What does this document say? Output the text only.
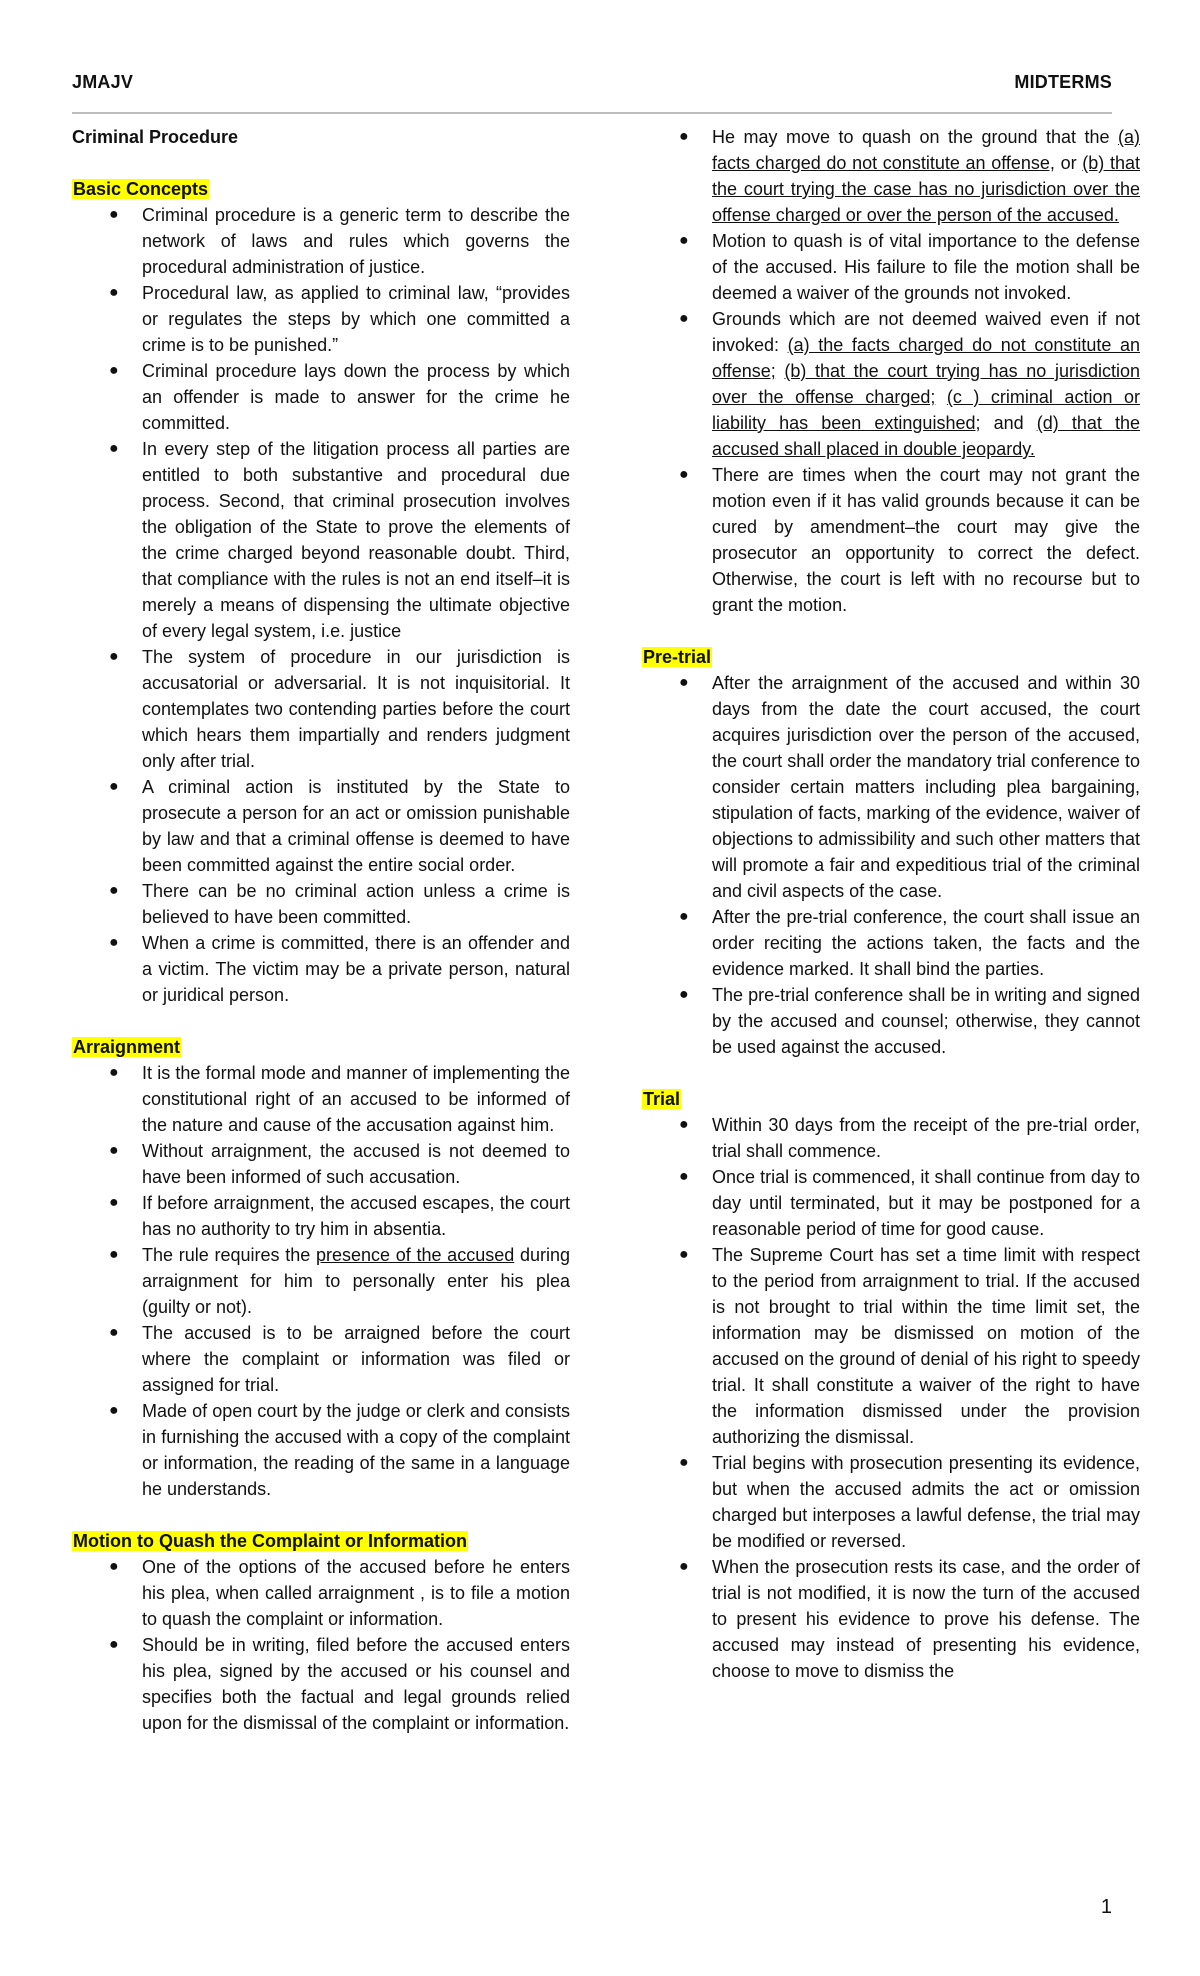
JMAJV	MIDTERMS

Criminal Procedure

Basic Concepts

● Criminal procedure is a generic term to describe the network of laws and rules which governs the procedural administration of justice.
● Procedural law, as applied to criminal law, “provides or regulates the steps by which one committed a crime is to be punished.”
● Criminal procedure lays down the process by which an offender is made to answer for the crime he committed.
● In every step of the litigation process all parties are entitled to both substantive and procedural due process. Second, that criminal prosecution involves the obligation of the State to prove the elements of the crime charged beyond reasonable doubt. Third, that compliance with the rules is not an end itself–it is merely a means of dispensing the ultimate objective of every legal system, i.e. justice
● The system of procedure in our jurisdiction is accusatorial or adversarial. It is not inquisitorial. It contemplates two contending parties before the court which hears them impartially and renders judgment only after trial.
● A criminal action is instituted by the State to prosecute a person for an act or omission punishable by law and that a criminal offense is deemed to have been committed against the entire social order.
● There can be no criminal action unless a crime is believed to have been committed.
● When a crime is committed, there is an offender and a victim. The victim may be a private person, natural or juridical person.

Arraignment

● It is the formal mode and manner of implementing the constitutional right of an accused to be informed of the nature and cause of the accusation against him.
● Without arraignment, the accused is not deemed to have been informed of such accusation.
● If before arraignment, the accused escapes, the court has no authority to try him in absentia.
● The rule requires the presence of the accused during arraignment for him to personally enter his plea (guilty or not).
● The accused is to be arraigned before the court where the complaint or information was filed or assigned for trial.
● Made of open court by the judge or clerk and consists in furnishing the accused with a copy of the complaint or information, the reading of the same in a language he understands.

Motion to Quash the Complaint or Information

● One of the options of the accused before he enters his plea, when called arraignment , is to file a motion to quash the complaint or information.
● Should be in writing, filed before the accused enters his plea, signed by the accused or his counsel and specifies both the factual and legal grounds relied upon for the dismissal of the complaint or information.
● He may move to quash on the ground that the (a) facts charged do not constitute an offense, or (b) that the court trying the case has no jurisdiction over the offense charged or over the person of the accused.
● Motion to quash is of vital importance to the defense of the accused. His failure to file the motion shall be deemed a waiver of the grounds not invoked.
● Grounds which are not deemed waived even if not invoked: (a) the facts charged do not constitute an offense; (b) that the court trying has no jurisdiction over the offense charged; (c ) criminal action or liability has been extinguished; and (d) that the accused shall placed in double jeopardy.
● There are times when the court may not grant the motion even if it has valid grounds because it can be cured by amendment–the court may give the prosecutor an opportunity to correct the defect. Otherwise, the court is left with no recourse but to grant the motion.

Pre-trial

● After the arraignment of the accused and within 30 days from the date the court accused, the court acquires jurisdiction over the person of the accused, the court shall order the mandatory trial conference to consider certain matters including plea bargaining, stipulation of facts, marking of the evidence, waiver of objections to admissibility and such other matters that will promote a fair and expeditious trial of the criminal and civil aspects of the case.
● After the pre-trial conference, the court shall issue an order reciting the actions taken, the facts and the evidence marked. It shall bind the parties.
● The pre-trial conference shall be in writing and signed by the accused and counsel; otherwise, they cannot be used against the accused.

Trial

● Within 30 days from the receipt of the pre-trial order, trial shall commence.
● Once trial is commenced, it shall continue from day to day until terminated, but it may be postponed for a reasonable period of time for good cause.
● The Supreme Court has set a time limit with respect to the period from arraignment to trial. If the accused is not brought to trial within the time limit set, the information may be dismissed on motion of the accused on the ground of denial of his right to speedy trial. It shall constitute a waiver of the right to have the information dismissed under the provision authorizing the dismissal.
● Trial begins with prosecution presenting its evidence, but when the accused admits the act or omission charged but interposes a lawful defense, the trial may be modified or reversed.
● When the prosecution rests its case, and the order of trial is not modified, it is now the turn of the accused to present his evidence to prove his defense. The accused may instead of presenting his evidence, choose to move to dismiss the
1
